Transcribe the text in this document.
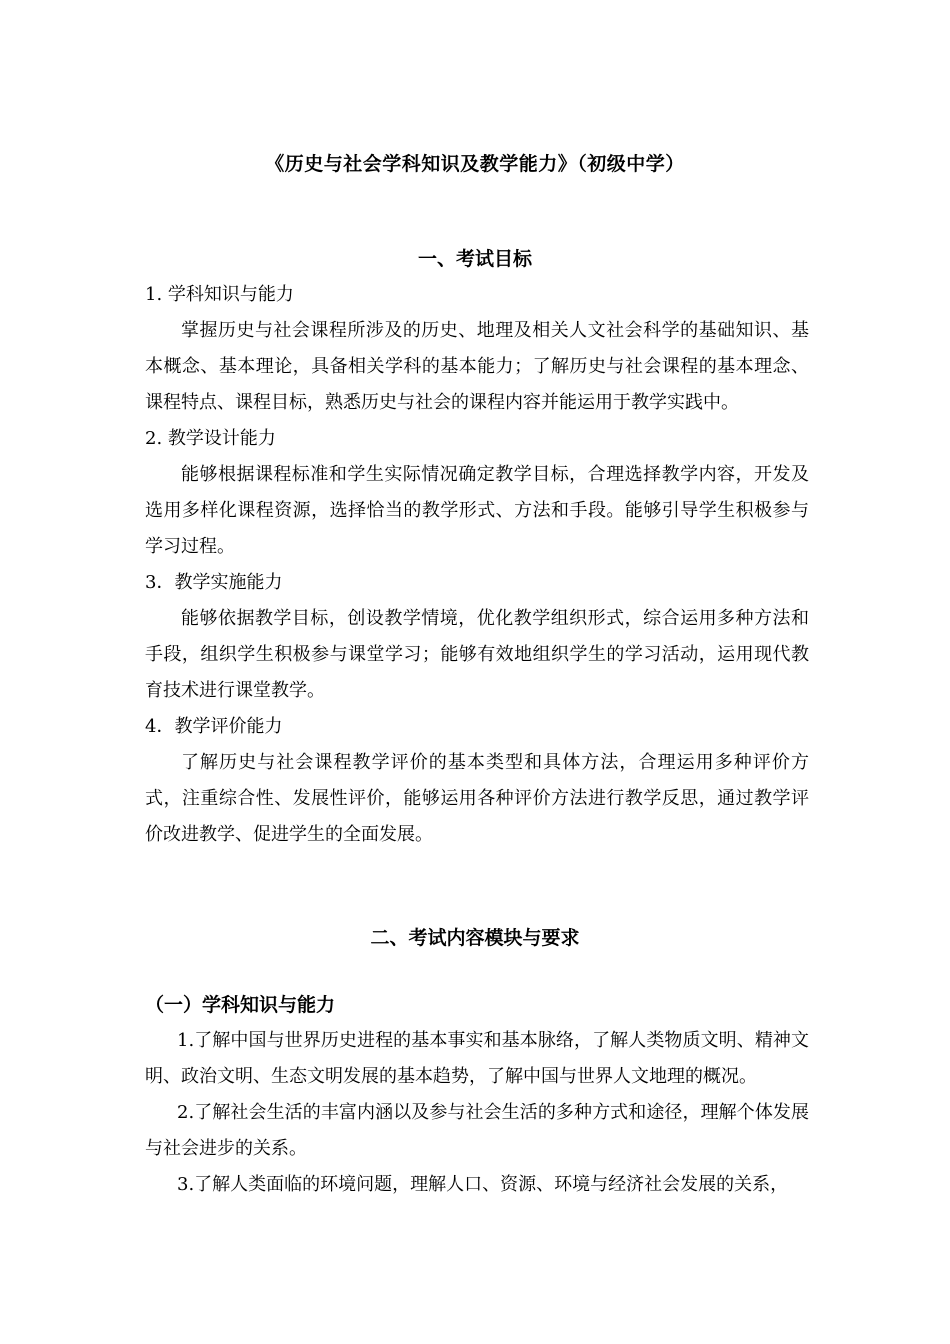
《历史与社会学科知识及教学能力》（初级中学）
一、考试目标

1. 学科知识与能力

掌握历史与社会课程所涉及的历史、地理及相关人文社会科学的基础知识、基本概念、基本理论，具备相关学科的基本能力；了解历史与社会课程的基本理念、课程特点、课程目标，熟悉历史与社会的课程内容并能运用于教学实践中。

2. 教学设计能力

能够根据课程标准和学生实际情况确定教学目标，合理选择教学内容，开发及选用多样化课程资源，选择恰当的教学形式、方法和手段。能够引导学生积极参与学习过程。

3．教学实施能力

能够依据教学目标，创设教学情境，优化教学组织形式，综合运用多种方法和手段，组织学生积极参与课堂学习；能够有效地组织学生的学习活动，运用现代教育技术进行课堂教学。

4．教学评价能力

了解历史与社会课程教学评价的基本类型和具体方法，合理运用多种评价方式，注重综合性、发展性评价，能够运用各种评价方法进行教学反思，通过教学评价改进教学、促进学生的全面发展。

二、考试内容模块与要求

（一）学科知识与能力

1.了解中国与世界历史进程的基本事实和基本脉络，了解人类物质文明、精神文明、政治文明、生态文明发展的基本趋势，了解中国与世界人文地理的概况。

2.了解社会生活的丰富内涵以及参与社会生活的多种方式和途径，理解个体发展与社会进步的关系。

3.了解人类面临的环境问题，理解人口、资源、环境与经济社会发展的关系，
